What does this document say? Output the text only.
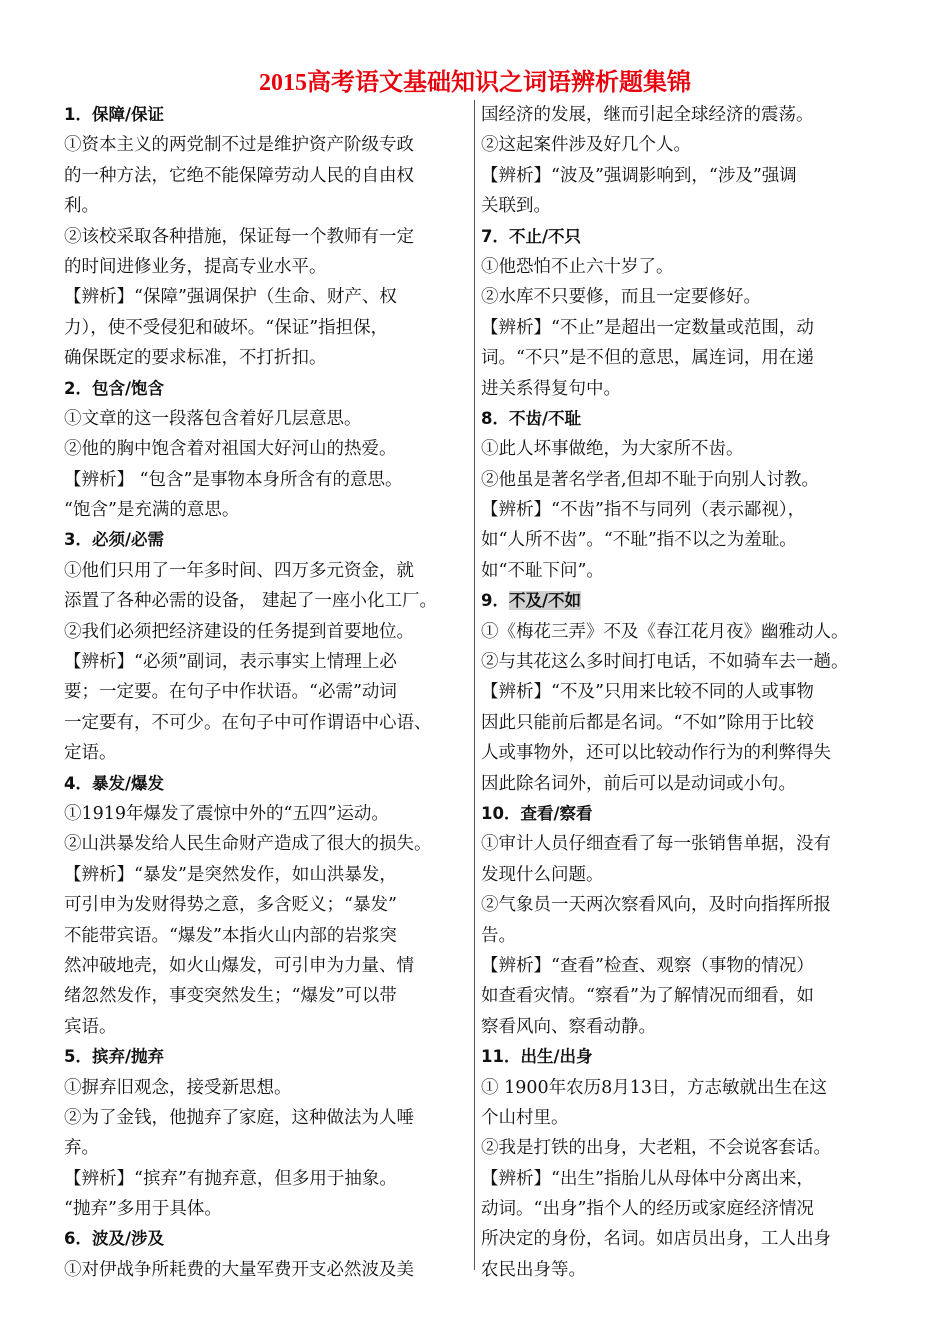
2015高考语文基础知识之词语辨析题集锦
1．保障/保证
①资本主义的两党制不过是维护资产阶级专政
的一种方法，它绝不能保障劳动人民的自由权
利。
②该校采取各种措施，保证每一个教师有一定
的时间进修业务，提高专业水平。
【辨析】“保障”强调保护（生命、财产、权
力），使不受侵犯和破坏。“保证”指担保，
确保既定的要求标准，不打折扣。
2．包含/饱含
①文章的这一段落包含着好几层意思。
②他的胸中饱含着对祖国大好河山的热爱。
【辨析】 “包含”是事物本身所含有的意思。
“饱含”是充满的意思。
3．必须/必需
①他们只用了一年多时间、四万多元资金，就
添置了各种必需的设备， 建起了一座小化工厂。
②我们必须把经济建设的任务提到首要地位。
【辨析】“必须”副词，表示事实上情理上必
要；一定要。在句子中作状语。“必需”动词
一定要有，不可少。在句子中可作谓语中心语、
定语。
4．暴发/爆发
①1919年爆发了震惊中外的“五四”运动。
②山洪暴发给人民生命财产造成了很大的损失。
【辨析】“暴发”是突然发作，如山洪暴发，
可引申为发财得势之意，多含贬义；“暴发”
不能带宾语。“爆发”本指火山内部的岩浆突
然冲破地壳，如火山爆发，可引申为力量、情
绪忽然发作，事变突然发生；“爆发”可以带
宾语。
5．摈弃/抛弃
①摒弃旧观念，接受新思想。
②为了金钱，他抛弃了家庭，这种做法为人唾
弃。
【辨析】“摈弃”有抛弃意，但多用于抽象。
“抛弃”多用于具体。
6．波及/涉及
①对伊战争所耗费的大量军费开支必然波及美
国经济的发展，继而引起全球经济的震荡。
②这起案件涉及好几个人。
【辨析】“波及”强调影响到，“涉及”强调
关联到。
7．不止/不只
①他恐怕不止六十岁了。
②水库不只要修，而且一定要修好。
【辨析】“不止”是超出一定数量或范围，动
词。“不只”是不但的意思，属连词，用在递
进关系得复句中。
8．不齿/不耻
①此人坏事做绝，为大家所不齿。
②他虽是著名学者,但却不耻于向别人讨教。
【辨析】“不齿”指不与同列（表示鄙视），
如“人所不齿”。“不耻”指不以之为羞耻。
如“不耻下问”。
9．不及/不如
①《梅花三弄》不及《春江花月夜》幽雅动人。
②与其花这么多时间打电话，不如骑车去一趟。
【辨析】“不及”只用来比较不同的人或事物
因此只能前后都是名词。“不如”除用于比较
人或事物外，还可以比较动作行为的利弊得失
因此除名词外，前后可以是动词或小句。
10．查看/察看
①审计人员仔细查看了每一张销售单据，没有
发现什么问题。
②气象员一天两次察看风向，及时向指挥所报
告。
【辨析】“查看”检查、观察（事物的情况）
如查看灾情。“察看”为了解情况而细看，如
察看风向、察看动静。
11．出生/出身
① 1900年农历8月13日，方志敏就出生在这
个山村里。
②我是打铁的出身，大老粗，不会说客套话。
【辨析】“出生”指胎儿从母体中分离出来，
动词。“出身”指个人的经历或家庭经济情况
所决定的身份，名词。如店员出身，工人出身
农民出身等。
